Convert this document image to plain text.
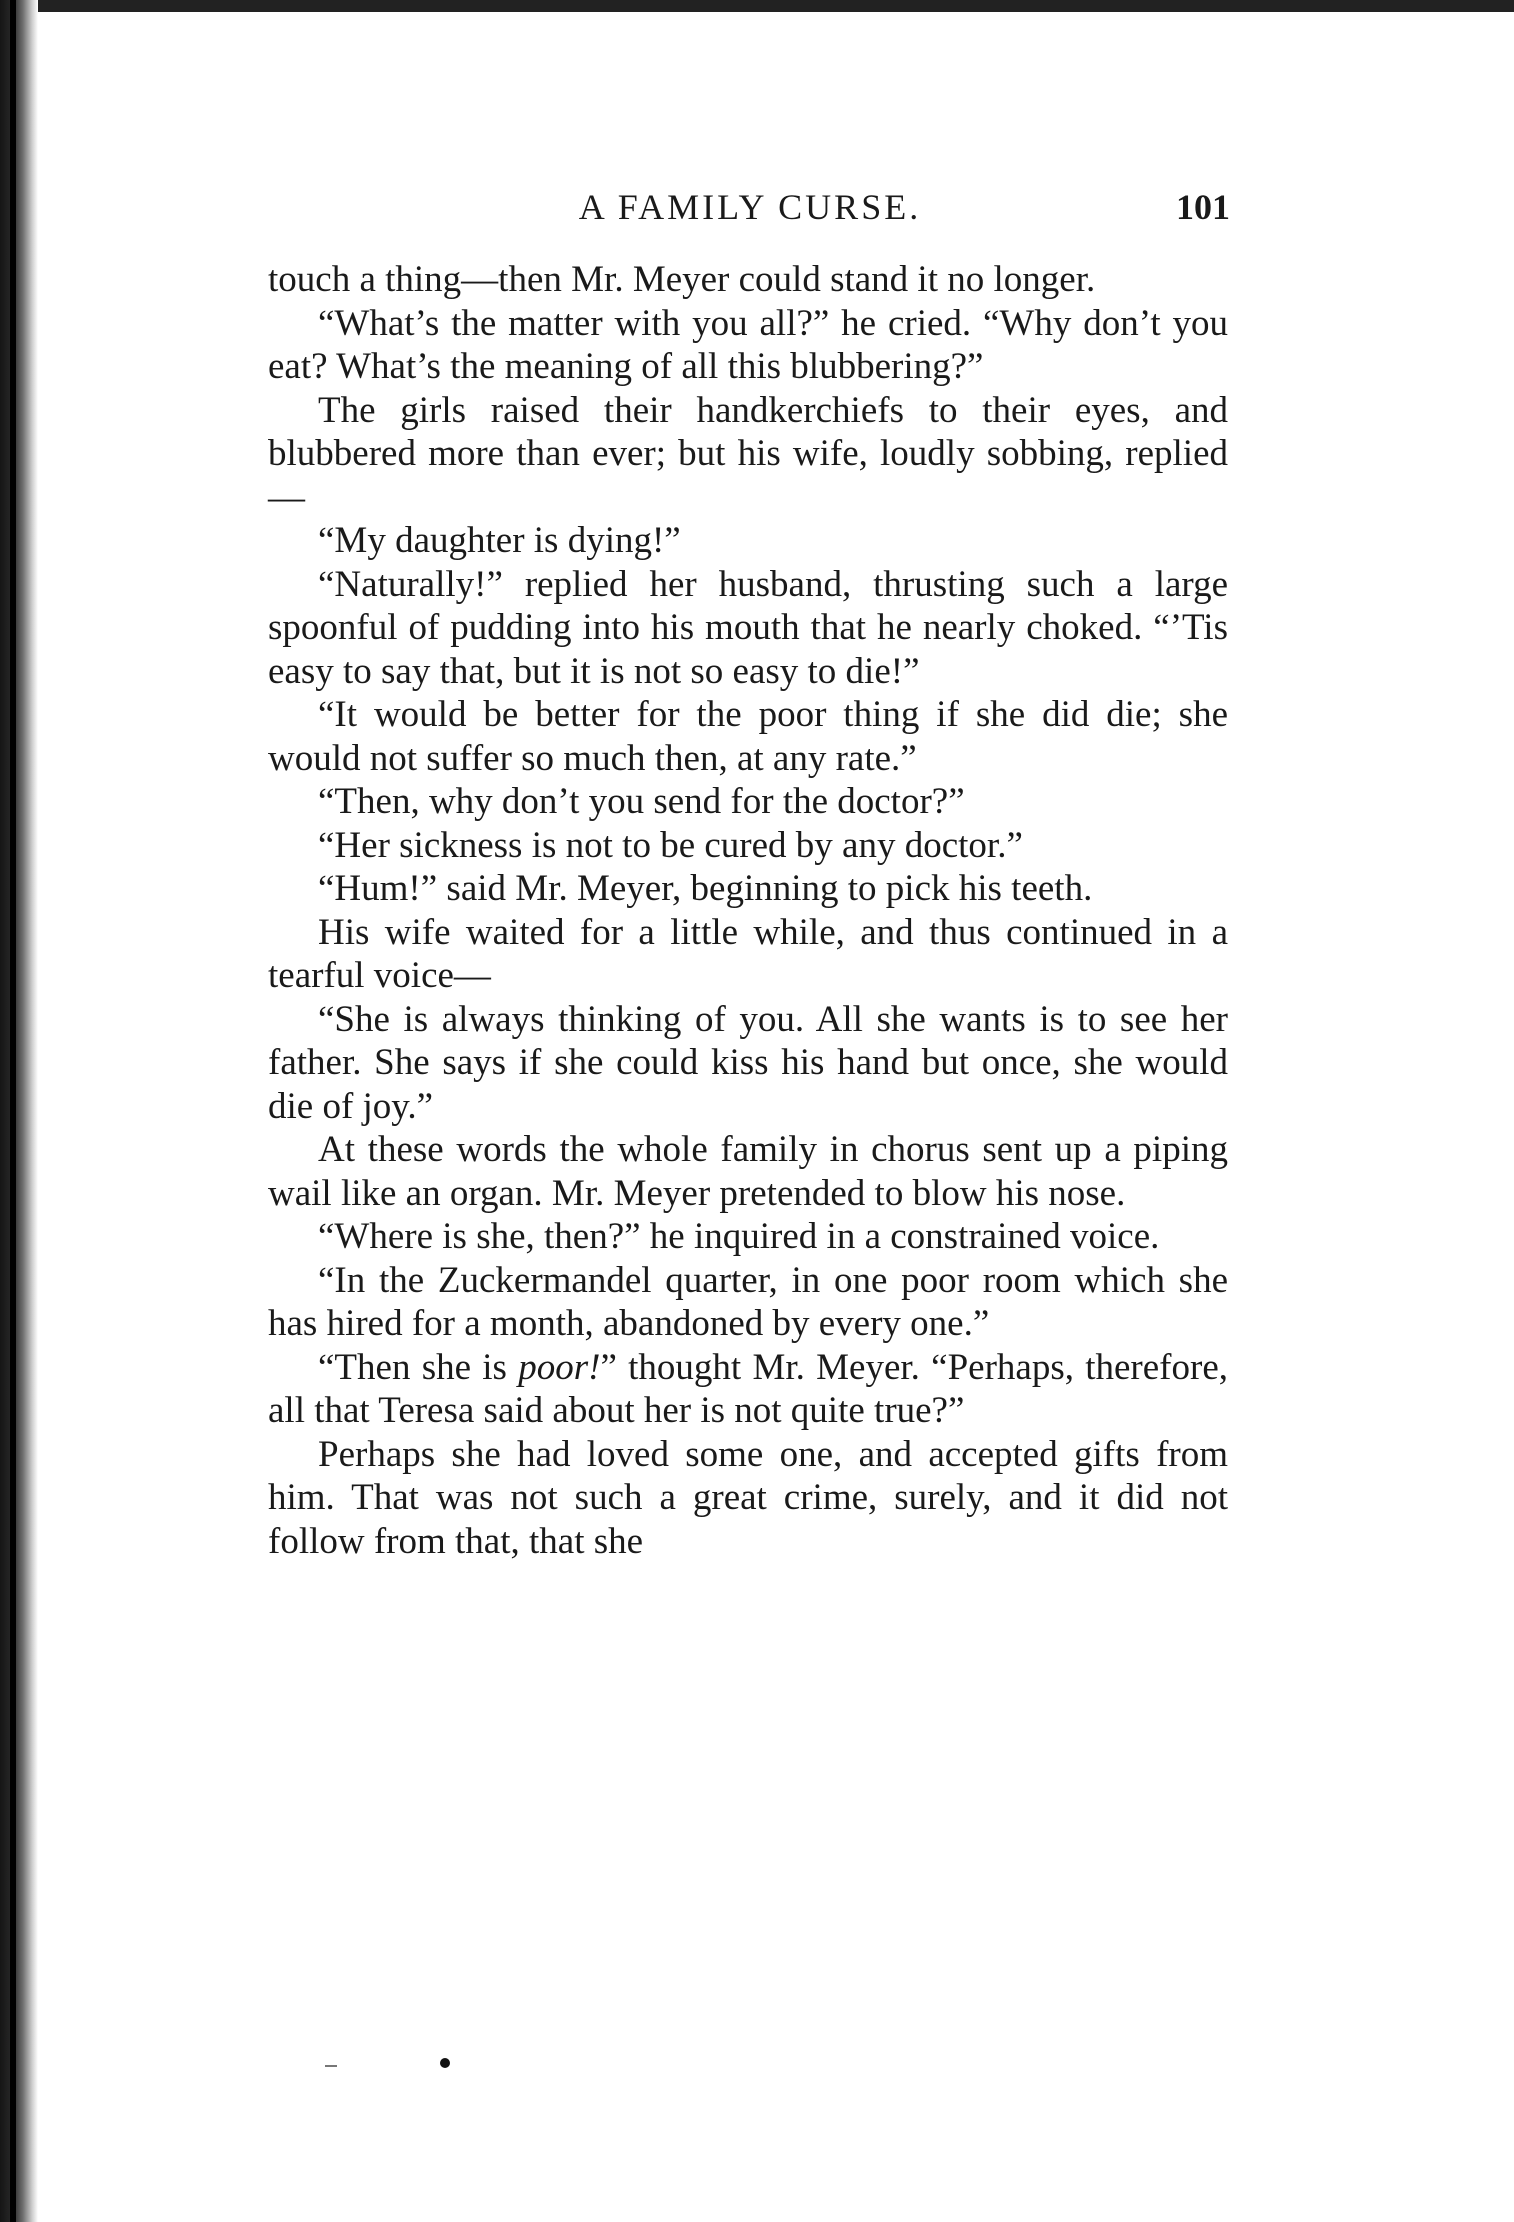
A FAMILY CURSE.	101

touch a thing—then Mr. Meyer could stand it no longer.

“What’s the matter with you all?” he cried. “Why don’t you eat? What’s the meaning of all this blubbering?”

The girls raised their handkerchiefs to their eyes, and blubbered more than ever; but his wife, loudly sobbing, replied—

“My daughter is dying!”

“Naturally!” replied her husband, thrusting such a large spoonful of pudding into his mouth that he nearly choked. “’Tis easy to say that, but it is not so easy to die!”

“It would be better for the poor thing if she did die; she would not suffer so much then, at any rate.”

“Then, why don’t you send for the doctor?”

“Her sickness is not to be cured by any doctor.”

“Hum!” said Mr. Meyer, beginning to pick his teeth.

His wife waited for a little while, and thus continued in a tearful voice—

“She is always thinking of you. All she wants is to see her father. She says if she could kiss his hand but once, she would die of joy.”

At these words the whole family in chorus sent up a piping wail like an organ. Mr. Meyer pretended to blow his nose.

“Where is she, then?” he inquired in a constrained voice.

“In the Zuckermandel quarter, in one poor room which she has hired for a month, abandoned by every one.”

“Then she is poor!” thought Mr. Meyer. “Perhaps, therefore, all that Teresa said about her is not quite true?”

Perhaps she had loved some one, and accepted gifts from him. That was not such a great crime, surely, and it did not follow from that, that she
